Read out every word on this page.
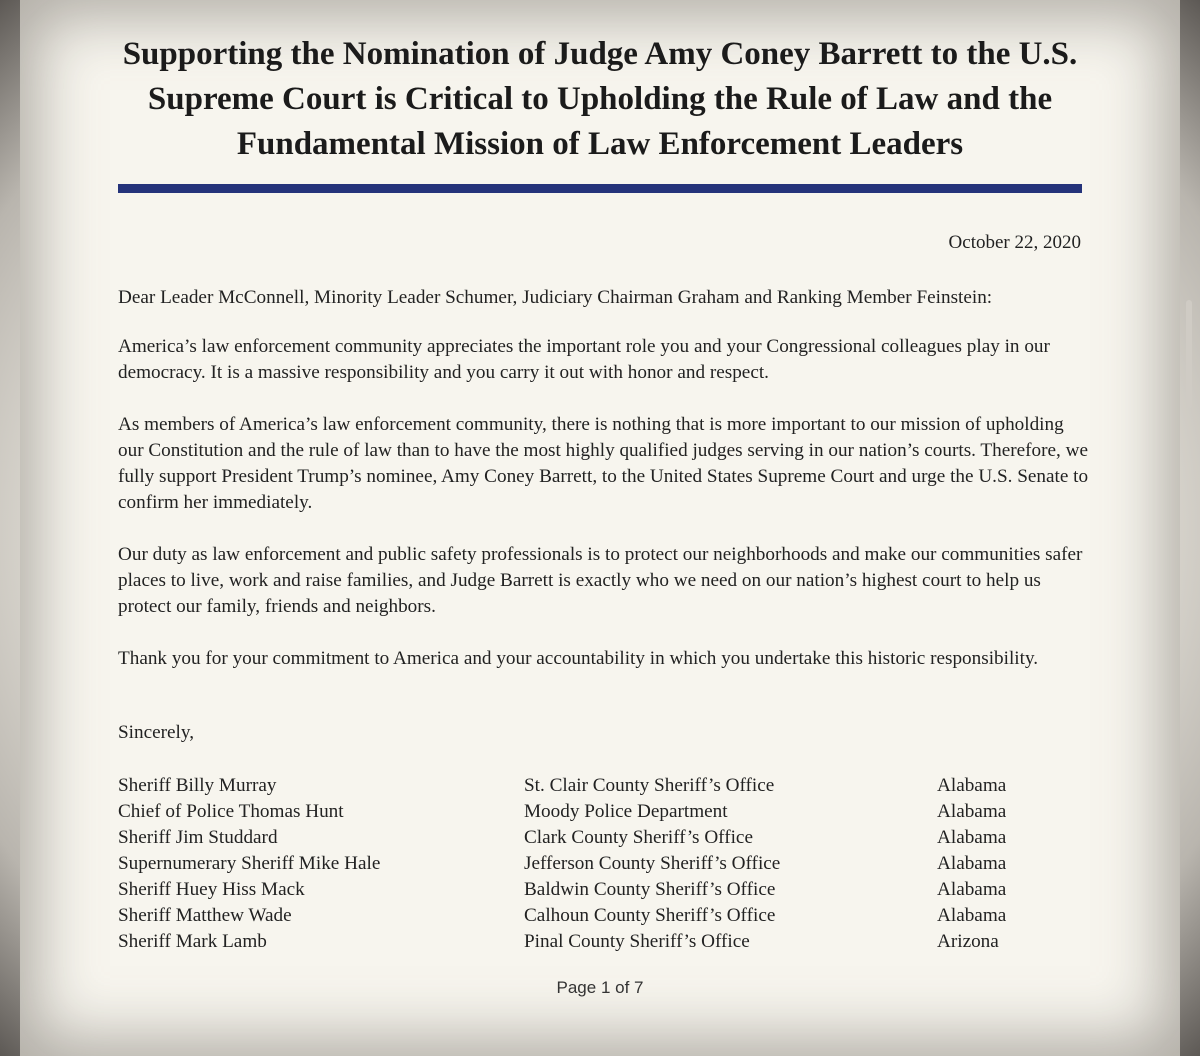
Supporting the Nomination of Judge Amy Coney Barrett to the U.S. Supreme Court is Critical to Upholding the Rule of Law and the Fundamental Mission of Law Enforcement Leaders
October 22, 2020
Dear Leader McConnell, Minority Leader Schumer, Judiciary Chairman Graham and Ranking Member Feinstein:
America’s law enforcement community appreciates the important role you and your Congressional colleagues play in our democracy. It is a massive responsibility and you carry it out with honor and respect.
As members of America’s law enforcement community, there is nothing that is more important to our mission of upholding our Constitution and the rule of law than to have the most highly qualified judges serving in our nation’s courts. Therefore, we fully support President Trump’s nominee, Amy Coney Barrett, to the United States Supreme Court and urge the U.S. Senate to confirm her immediately.
Our duty as law enforcement and public safety professionals is to protect our neighborhoods and make our communities safer places to live, work and raise families, and Judge Barrett is exactly who we need on our nation’s highest court to help us protect our family, friends and neighbors.
Thank you for your commitment to America and your accountability in which you undertake this historic responsibility.
Sincerely,
Sheriff Billy Murray	St. Clair County Sheriff’s Office	Alabama
Chief of Police Thomas Hunt	Moody Police Department	Alabama
Sheriff Jim Studdard	Clark County Sheriff’s Office	Alabama
Supernumerary Sheriff Mike Hale	Jefferson County Sheriff’s Office	Alabama
Sheriff Huey Hiss Mack	Baldwin County Sheriff’s Office	Alabama
Sheriff Matthew Wade	Calhoun County Sheriff’s Office	Alabama
Sheriff Mark Lamb	Pinal County Sheriff’s Office	Arizona
Page 1 of 7
